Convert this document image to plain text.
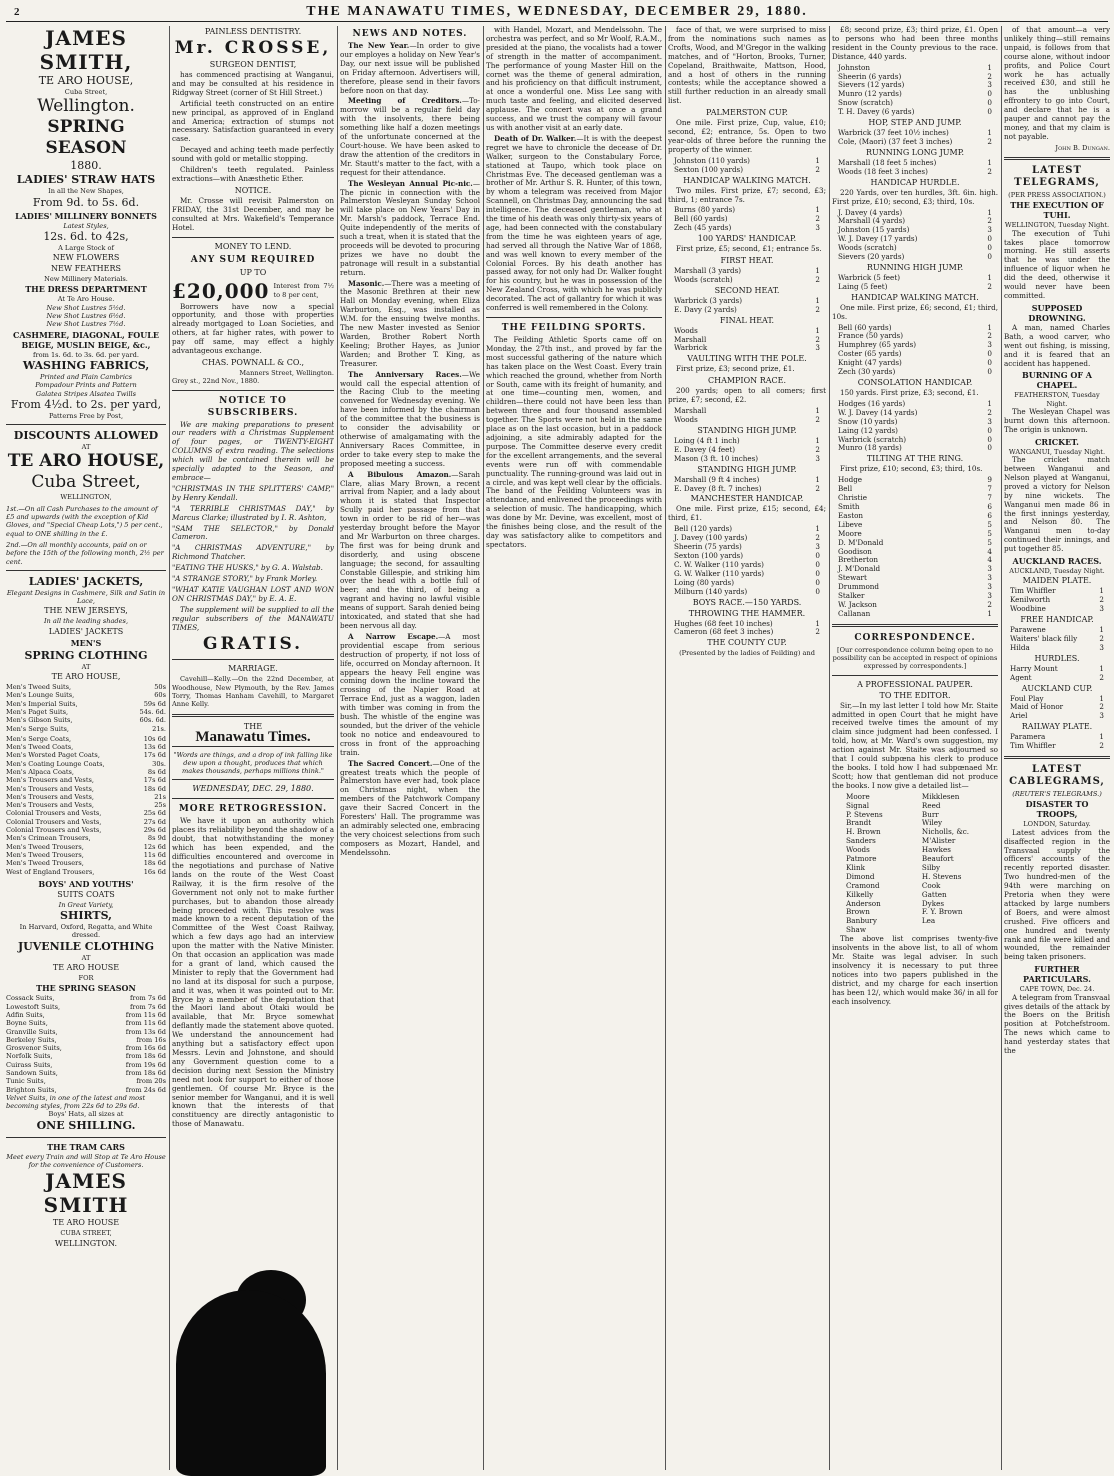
2	THE MANAWATU TIMES, WEDNESDAY, DECEMBER 29, 1880.
JAMES SMITH,
TE ARO HOUSE,
Cuba Street,
Wellington.
SPRING SEASON
1880.
LADIES' STRAW HATS
In all the New Shapes,
From 9d. to 5s. 6d.
LADIES' MILLINERY BONNETS
Latest Styles,
12s. 6d. to 42s,
A Large Stock of
NEW FLOWERS
NEW FEATHERS
New Millinery Materials.
THE DRESS DEPARTMENT
At Te Aro House.
New Shot Lustres 5½d.
New Shot Lustres 6½d.
New Shot Lustres 7½d.
CASHMERE, DIAGONAL, FOULE BEIGE, MUSLIN BEIGE, &c.,
from 1s. 6d. to 3s. 6d. per yard.
WASHING FABRICS,
Printed and Plain Cambrics
Pompadour Prints and Pattern
Galatea Stripes Alsatea Twills
From 4½d. to 2s. per yard,
Patterns Free by Post,
DISCOUNTS ALLOWED
AT
TE ARO HOUSE,
Cuba Street,
WELLINGTON,
1st.—On all Cash Purchases to the amount of £5 and upwards (with the exception of Kid Gloves, and "Special Cheap Lots,") 5 per cent., equal to ONE shilling in the £.
2nd.—On all monthly accounts, paid on or before the 15th of the following month, 2½ per cent.
LADIES' JACKETS,
Elegant Designs in Cashmere, Silk and Satin in Lace,
THE NEW JERSEYS,
In all the leading shades,
LADIES' JACKETS
MEN'S
SPRING CLOTHING
AT
TE ARO HOUSE,
Men's Tweed Suits,	50s
Men's Lounge Suits,	60s
Men's Imperial Suits,	59s 6d
Men's Paget Suits,	54s. 6d.
Men's Gibson Suits,	60s. 6d.
Men's Serge Suits,	21s.
Men's Serge Coats,	10s 6d
Men's Tweed Coats,	13s 6d
Men's Worsted Paget Coats,	17s 6d
Men's Coating Lounge Coats,	30s.
Men's Alpaca Coats,	8s 6d
Men's Trousers and Vests,	17s 6d
Men's Trousers and Vests,	18s 6d
Men's Trousers and Vests,	21s
Men's Trousers and Vests,	25s
Colonial Trousers and Vests,	25s 6d
Colonial Trousers and Vests,	27s 6d
Colonial Trousers and Vests,	29s 6d
Men's Crimean Trousers,	8s 9d
Men's Tweed Trousers,	12s 6d
Men's Tweed Trousers,	11s 6d
Men's Tweed Trousers,	18s 6d
West of England Trousers,	16s 6d
BOYS' AND YOUTHS'
SUITS COATS
In Great Variety,
SHIRTS,
In Harvard, Oxford, Regatta, and White dressed.
JUVENILE CLOTHING
AT
TE ARO HOUSE
FOR
THE SPRING SEASON
Cossack Suits,	from 7s 6d
Lowestoft Suits,	from 7s 6d
Adfin Suits,	from 11s 6d
Boyne Suits,	from 11s 6d
Granville Suits,	from 13s 6d
Berkeley Suits,	from 16s
Grosvenor Suits,	from 16s 6d
Norfolk Suits,	from 18s 6d
Cuirass Suits,	from 19s 6d
Sandown Suits,	from 18s 6d
Tunic Suits,	from 20s
Brighton Suits,	from 24s 6d
Velvet Suits, in one of the latest and most becoming styles, from 22s 6d to 29s 6d.
Boys' Hats, all sizes at
ONE SHILLING.
THE TRAM CARS
Meet every Train and will Stop at Te Aro House for the convenience of Customers.
JAMES SMITH
TE ARO HOUSE
CUBA STREET,
WELLINGTON.
PAINLESS DENTISTRY.
Mr. CROSSE,
SURGEON DENTIST,

has commenced practising at Wanganui, and may be consulted at his residence in Ridgway Street (corner of St Hill Street.)

Artificial teeth constructed on an entire new principal, as approved of in England and America; extraction of stumps not necessary. Satisfaction guaranteed in every case.

Decayed and aching teeth made perfectly sound with gold or metallic stopping.

Children's teeth regulated. Painless extractions—with Anæsthetic Ether.

NOTICE.

Mr. Crosse will revisit Palmerston on FRIDAY, the 31st December, and may be consulted at Mrs. Wakefield's Temperance Hotel.

MONEY TO LEND.
ANY SUM REQUIRED
UP TO
£20,000 Interest from 7½ to 8 per cent,

Borrowers have now a special opportunity, and those with properties already mortgaged to Loan Societies, and others, at far higher rates, with power to pay off same, may effect a highly advantageous exchange.

CHAS. POWNALL & CO.,
Manners Street, Wellington.
Grey st., 22nd Nov., 1880.
NOTICE TO SUBSCRIBERS.

We are making preparations to present our readers with a Christmas Supplement of four pages, or TWENTY-EIGHT COLUMNS of extra reading. The selections which will be contained therein will be specially adapted to the Season, and embrace—

"CHRISTMAS IN THE SPLITTERS' CAMP," by Henry Kendall.

"A TERRIBLE CHRISTMAS DAY," by Marcus Clarke; illustrated by I. R. Ashton,

"SAM THE SELECTOR," by Donald Cameron.

"A CHRISTMAS ADVENTURE," by Richmond Thatcher.

"EATING THE HUSKS," by G. A. Walstab.

"A STRANGE STORY," by Frank Morley.

"WHAT KATIE VAUGHAN LOST AND WON ON CHRISTMAS DAY," by E. A. E.

The supplement will be supplied to all the regular subscribers of the MANAWATU TIMES,

GRATIS.
MARRIAGE.

Cavehill—Kelly.—On the 22nd December, at Woodhouse, New Plymouth, by the Rev. James Torry, Thomas Hanham Cavehill, to Margaret Anne Kelly.

THE
Manawatu Times.
"Words are things, and a drop of ink falling like dew upon a thought, produces that which makes thousands, perhaps millions think."
WEDNESDAY, DEC. 29, 1880.
MORE RETROGRESSION.

We have it upon an authority which places its reliability beyond the shadow of a doubt, that notwithstanding the money which has been expended, and the difficulties encountered and overcome in the negotiations and purchase of Native lands on the route of the West Coast Railway, it is the firm resolve of the Government not only not to make further purchases, but to abandon those already being proceeded with. This resolve was made known to a recent deputation of the Committee of the West Coast Railway, which a few days ago had an interview upon the matter with the Native Minister. On that occasion an application was made for a grant of land, which caused the Minister to reply that the Government had no land at its disposal for such a purpose, and it was, when it was pointed out to Mr. Bryce by a member of the deputation that the Maori land about Otaki would be available, that Mr. Bryce somewhat deflantly made the statement above quoted. We understand the announcement had anything but a satisfactory effect upon Messrs. Levin and Johnstone, and should any Government question come to a decision during next Session the Ministry need not look for support to either of those gentlemen. Of course Mr. Bryce is the senior member for Wanganui, and it is well known that the interests of that constituency are directly antagonistic to those of Manawatu.

NEWS AND NOTES.

The New Year.—In order to give our employes a holiday on New Year's Day, our next issue will be published on Friday afternoon. Advertisers will, therefore, please send in their favors before noon on that day.

Meeting of Creditors.—To-morrow will be a regular field day with the insolvents, there being something like half a dozen meetings of the unfortunate concerned at the Court-house. We have been asked to draw the attention of the creditors in Mr. Stautt's matter to the fact, with a request for their attendance.

The Wesleyan Annual Pic-nic.—The picnic in connection with the Palmerston Wesleyan Sunday School will take place on New Years' Day in Mr. Marsh's paddock, Terrace End. Quite independently of the merits of such a treat, when it is stated that the proceeds will be devoted to procuring prizes we have no doubt the patronage will result in a substantial return.

Masonic.—There was a meeting of the Masonic Brethren at their new Hall on Monday evening, when Eliza Warburton, Esq., was installed as W.M. for the ensuing twelve months. The new Master invested as Senior Warden, Brother Robert North Keeling; Brother Hayes, as Junior Warden; and Brother T. King, as Treasurer.

The Anniversary Races.—We would call the especial attention of the Racing Club to the meeting convened for Wednesday evening. We have been informed by the chairman of the committee that the business is to consider the advisability or otherwise of amalgamating with the Anniversary Races Committee, in order to take every step to make the proposed meeting a success.

A Bibulous Amazon.—Sarah Clare, alias Mary Brown, a recent arrival from Napier, and a lady about whom it is stated that Inspector Scully paid her passage from that town in order to be rid of her—was yesterday brought before the Mayor and Mr Warburton on three charges. The first was for being drunk and disorderly, and using obscene language; the second, for assaulting Constable Gillespie, and striking him over the head with a bottle full of beer; and the third, of being a vagrant and having no lawful visible means of support. Sarah denied being intoxicated, and stated that she had been nervous all day.

A Narrow Escape.—A most providential escape from serious destruction of property, if not loss of life, occurred on Monday afternoon. It appears the heavy Fell engine was coming down the incline toward the crossing of the Napier Road at Terrace End, just as a waggon, laden with timber was coming in from the bush. The whistle of the engine was sounded, but the driver of the vehicle took no notice and endeavoured to cross in front of the approaching train.

The Sacred Concert.—One of the greatest treats which the people of Palmerston have ever had, took place on Christmas night, when the members of the Patchwork Company gave their Sacred Concert in the Foresters' Hall. The programme was an admirably selected one, embracing the very choicest selections from such composers as Mozart, Handel, and Mendelssohn.

with Handel, Mozart, and Mendelssohn. The orchestra was perfect, and so Mr Woolf, R.A.M., presided at the piano, the vocalists had a tower of strength in the matter of accompaniment. The performance of young Master Hill on the cornet was the theme of general admiration, and his proficiency on that difficult instrument, at once a wonderful one. Miss Lee sang with much taste and feeling, and elicited deserved applause. The concert was at once a grand success, and we trust the company will favour us with another visit at an early date.

Death of Dr. Walker.—It is with the deepest regret we have to chronicle the decease of Dr. Walker, surgeon to the Constabulary Force, stationed at Taupo, which took place on Christmas Eve. The deceased gentleman was a brother of Mr. Arthur S. R. Hunter, of this town, by whom a telegram was received from Major Scannell, on Christmas Day, announcing the sad intelligence. The deceased gentleman, who at the time of his death was only thirty-six years of age, had been connected with the constabulary from the time he was eighteen years of age, had served all through the Native War of 1868, and was well known to every member of the Colonial Forces. By his death another has passed away, for not only had Dr. Walker fought for his country, but he was in possession of the New Zealand Cross, with which he was publicly decorated. The act of gallantry for which it was conferred is well remembered in the Colony.

THE FEILDING SPORTS.

The Feilding Athletic Sports came off on Monday, the 27th inst., and proved by far the most successful gathering of the nature which has taken place on the West Coast. Every train which reached the ground, whether from North or South, came with its freight of humanity, and at one time—counting men, women, and children—there could not have been less than between three and four thousand assembled together. The Sports were not held in the same place as on the last occasion, but in a paddock adjoining, a site admirably adapted for the purpose. The Committee deserve every credit for the excellent arrangements, and the several events were run off with commendable punctuality. The running-ground was laid out in a circle, and was kept well clear by the officials. The band of the Feilding Volunteers was in attendance, and enlivened the proceedings with a selection of music. The handicapping, which was done by Mr. Devine, was excellent, most of the finishes being close, and the result of the day was satisfactory alike to competitors and spectators.

face of that, we were surprised to miss from the nominations such names as Crofts, Wood, and M'Gregor in the walking matches, and of "Horton, Brooks, Turner, Copeland, Braithwaite, Mattson, Hood, and a host of others in the running contests; while the acceptance showed a still further reduction in an already small list.

PALMERSTON CUP.

One mile. First prize, Cup, value, £10; second, £2; entrance, 5s. Open to two year-olds of three before the running the property of the winner.

Johnston (110 yards)	1
Sexton (100 yards)	2
HANDICAP WALKING MATCH.

Two miles. First prize, £7; second, £3; third, 1; entrance 7s.

Burns (80 yards)	1
Bell (60 yards)	2
Zech (45 yards)	3
100 YARDS' HANDICAP.

First prize, £5; second, £1; entrance 5s.

FIRST HEAT.
Marshall (3 yards)	1
Woods (scratch)	2
SECOND HEAT.
Warbrick (3 yards)	1
E. Davy (2 yards)	2
FINAL HEAT.
Woods	1
Marshall	2
Warbrick	3
VAULTING WITH THE POLE.

First prize, £3; second prize, £1.

CHAMPION RACE.

200 yards; open to all comers; first prize, £7; second, £2.

Marshall	1
Woods	2
STANDING HIGH JUMP.
Loing (4 ft 1 inch)	1
E. Davey (4 feet)	2
Mason (3 ft. 10 inches)	3
STANDING HIGH JUMP.
Marshall (9 ft 4 inches)	1
E. Davey (8 ft. 7 inches)	2
MANCHESTER HANDICAP.

One mile. First prize, £15; second, £4; third, £1.

Bell (120 yards)	1
J. Davey (100 yards)	2
Sheerin (75 yards)	3
Sexton (100 yards)	0
C. W. Walker (110 yards)	0
G. W. Walker (110 yards)	0
Loing (80 yards)	0
Milburn (140 yards)	0
BOYS RACE.—150 YARDS.
THROWING THE HAMMER.
Hughes (68 feet 10 inches)	1
Cameron (68 feet 3 inches)	2
THE COUNTY CUP.
(Presented by the ladies of Feilding) and

£8; second prize, £3; third prize, £1. Open to persons who had been three months resident in the County previous to the race. Distance, 440 yards.

Johnston	1
Sheerin (6 yards)	2
Sievers (12 yards)	3
Munro (12 yards)	0
Snow (scratch)	0
T. H. Davey (6 yards)	0
HOP, STEP AND JUMP.
Warbrick (37 feet 10½ inches)	1
Cole, (Maori) (37 feet 3 inches)	2
RUNNING LONG JUMP.
Marshall (18 feet 5 inches)	1
Woods (18 feet 3 inches)	2
HANDICAP HURDLE.

220 Yards, over ten hurdles, 3ft. 6in. high. First prize, £10; second, £3; third, 10s.

J. Davey (4 yards)	1
Marshall (4 yards)	2
Johnston (15 yards)	3
W. J. Davey (17 yards)	0
Woods (scratch)	0
Sievers (20 yards)	0
RUNNING HIGH JUMP.
Warbrick (5 feet)	1
Laing (5 feet)	2
HANDICAP WALKING MATCH.

One mile. First prize, £6; second, £1; third, 10s.

Bell (60 yards)	1
France (50 yards)	2
Humphrey (65 yards)	3
Coster (65 yards)	0
Knight (47 yards)	0
Zech (30 yards)	0
CONSOLATION HANDICAP.

150 yards. First prize, £3; second, £1.

Hodges (16 yards)	1
W. J. Davey (14 yards)	2
Snow (10 yards)	3
Laing (12 yards)	0
Warbrick (scratch)	0
Munro (18 yards)	0
TILTING AT THE RING.

First prize, £10; second, £3; third, 10s.

Hodge	9
Bell	7
Christie	7
Smith	6
Easton	6
Libeve	5
Moore	5
D. M'Donald	5
Goodison	4
Bretherton	4
J. M'Donald	3
Stewart	3
Drummond	3
Stalker	3
W. Jackson	2
Callanan	1
CORRESPONDENCE.
[Our correspondence column being open to no possibility can be accepted in respect of opinions expressed by correspondents.]
A PROFESSIONAL PAUPER.
TO THE EDITOR.

Sir,—In my last letter I told how Mr. Staite admitted in open Court that he might have received twelve times the amount of my claim since judgment had been confessed. I told, how, at Mr. Ward's own suggestion, my action against Mr. Staite was adjourned so that I could subpœna his clerk to produce the books. I told how I had subpœnaed Mr. Scott; how that gentleman did not produce the books. I now give a detailed list—

Moore	Mikklesen
Signal	Reed
P. Stevens	Burr
Brandt	Wiley
H. Brown	Nicholls, &c.
Sanders	M'Alister
Woods	Hawkes
Patmore	Beaufort
Klink	Silby
Dimond	H. Stevens
Cramond	Cook
Kilkelly	Gatten
Anderson	Dykes
Brown	F. Y. Brown
Banbury	Lea
Shaw

The above list comprises twenty-five insolvents in the above list, to all of whom Mr. Staite was legal adviser. In such insolvency it is necessary to put three notices into two papers published in the district, and my charge for each insertion has been 12/, which would make 36/ in all for each insolvency.

of that amount—a very unlikely thing—still remains unpaid, is follows from that course alone, without indoor profits, and Police Court work he has actually received £30, and still he has the unblushing effrontery to go into Court, and declare that he is a pauper and cannot pay the money, and that my claim is not payable.

John B. Dungan.
LATEST TELEGRAMS,
(PER PRESS ASSOCIATION.)
THE EXECUTION OF TUHI.
WELLINGTON, Tuesday Night.

The execution of Tuhi takes place tomorrow morning. He still asserts that he was under the influence of liquor when he did the deed, otherwise it would never have been committed.

SUPPOSED DROWNING.

A man, named Charles Bath, a wood carver, who went out fishing, is missing, and it is feared that an accident has happened.

BURNING OF A CHAPEL.
FEATHERSTON, Tuesday Night.

The Wesleyan Chapel was burnt down this afternoon. The origin is unknown.

CRICKET.
WANGANUI, Tuesday Night.

The cricket match between Wanganui and Nelson played at Wanganui, proved a victory for Nelson by nine wickets. The Wanganui men made 86 in the first innings yesterday, and Nelson 80. The Wanganui men to-day continued their innings, and put together 85.

AUCKLAND RACES.
AUCKLAND, Tuesday Night.
MAIDEN PLATE.
Tim Whiffler	1
Kenilworth	2
Woodbine	3
FREE HANDICAP.
Parawene	1
Waiters' black filly	2
Hilda	3
HURDLES.
Harry Mount	1
Agent	2
AUCKLAND CUP.
Foul Play	1
Maid of Honor	2
Ariel	3
RAILWAY PLATE.
Paramera	1
Tim Whiffler	2
LATEST CABLEGRAMS,
(REUTER'S TELEGRAMS.)
DISASTER TO TROOPS,
LONDON, Saturday.

Latest advices from the disaffected region in the Transvaal supply the officers' accounts of the recently reported disaster. Two hundred-men of the 94th were marching on Pretoria when they were attacked by large numbers of Boers, and were almost crushed. Five officers and one hundred and twenty rank and file were killed and wounded, the remainder being taken prisoners.

FURTHER PARTICULARS.
CAPE TOWN, Dec. 24.

A telegram from Transvaal gives details of the attack by the Boers on the British position at Potchefstroom. The news which came to hand yesterday states that the
